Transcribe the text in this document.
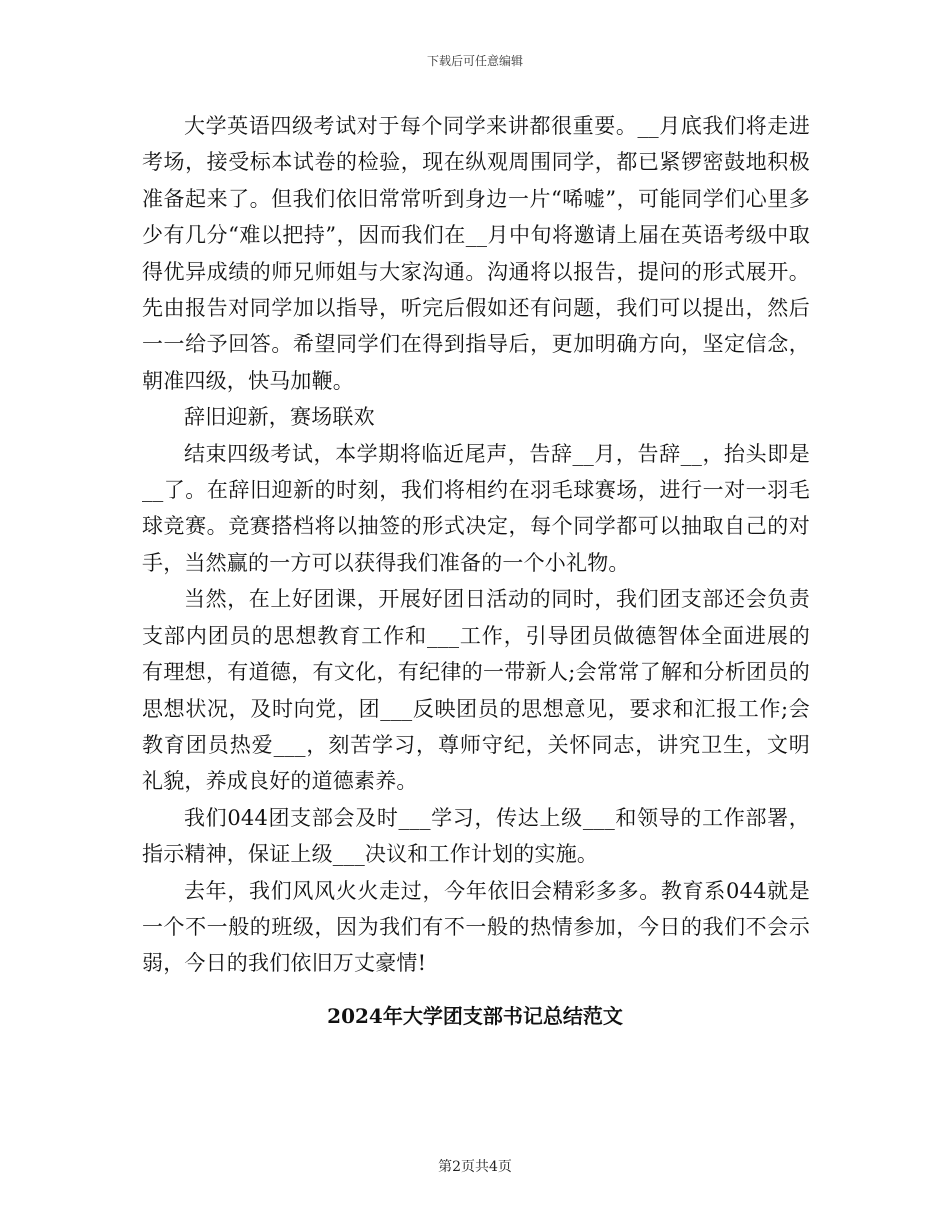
下载后可任意编辑

大学英语四级考试对于每个同学来讲都很重要。__月底我们将走进考场，接受标本试卷的检验，现在纵观周围同学，都已紧锣密鼓地积极准备起来了。但我们依旧常常听到身边一片“唏嘘”，可能同学们心里多少有几分“难以把持”，因而我们在__月中旬将邀请上届在英语考级中取得优异成绩的师兄师姐与大家沟通。沟通将以报告，提问的形式展开。先由报告对同学加以指导，听完后假如还有问题，我们可以提出，然后一一给予回答。希望同学们在得到指导后，更加明确方向，坚定信念，朝准四级，快马加鞭。

辞旧迎新，赛场联欢

结束四级考试，本学期将临近尾声，告辞__月，告辞__，抬头即是__了。在辞旧迎新的时刻，我们将相约在羽毛球赛场，进行一对一羽毛球竞赛。竞赛搭档将以抽签的形式决定，每个同学都可以抽取自己的对手，当然赢的一方可以获得我们准备的一个小礼物。

当然，在上好团课，开展好团日活动的同时，我们团支部还会负责支部内团员的思想教育工作和___工作，引导团员做德智体全面进展的有理想，有道德，有文化，有纪律的一带新人;会常常了解和分析团员的思想状况，及时向党，团___反映团员的思想意见，要求和汇报工作;会教育团员热爱___，刻苦学习，尊师守纪，关怀同志，讲究卫生，文明礼貌，养成良好的道德素养。

我们044团支部会及时___学习，传达上级___和领导的工作部署，指示精神，保证上级___决议和工作计划的实施。

去年，我们风风火火走过，今年依旧会精彩多多。教育系044就是一个不一般的班级，因为我们有不一般的热情参加，今日的我们不会示弱，今日的我们依旧万丈豪情!

2024年大学团支部书记总结范文
第2页共4页
